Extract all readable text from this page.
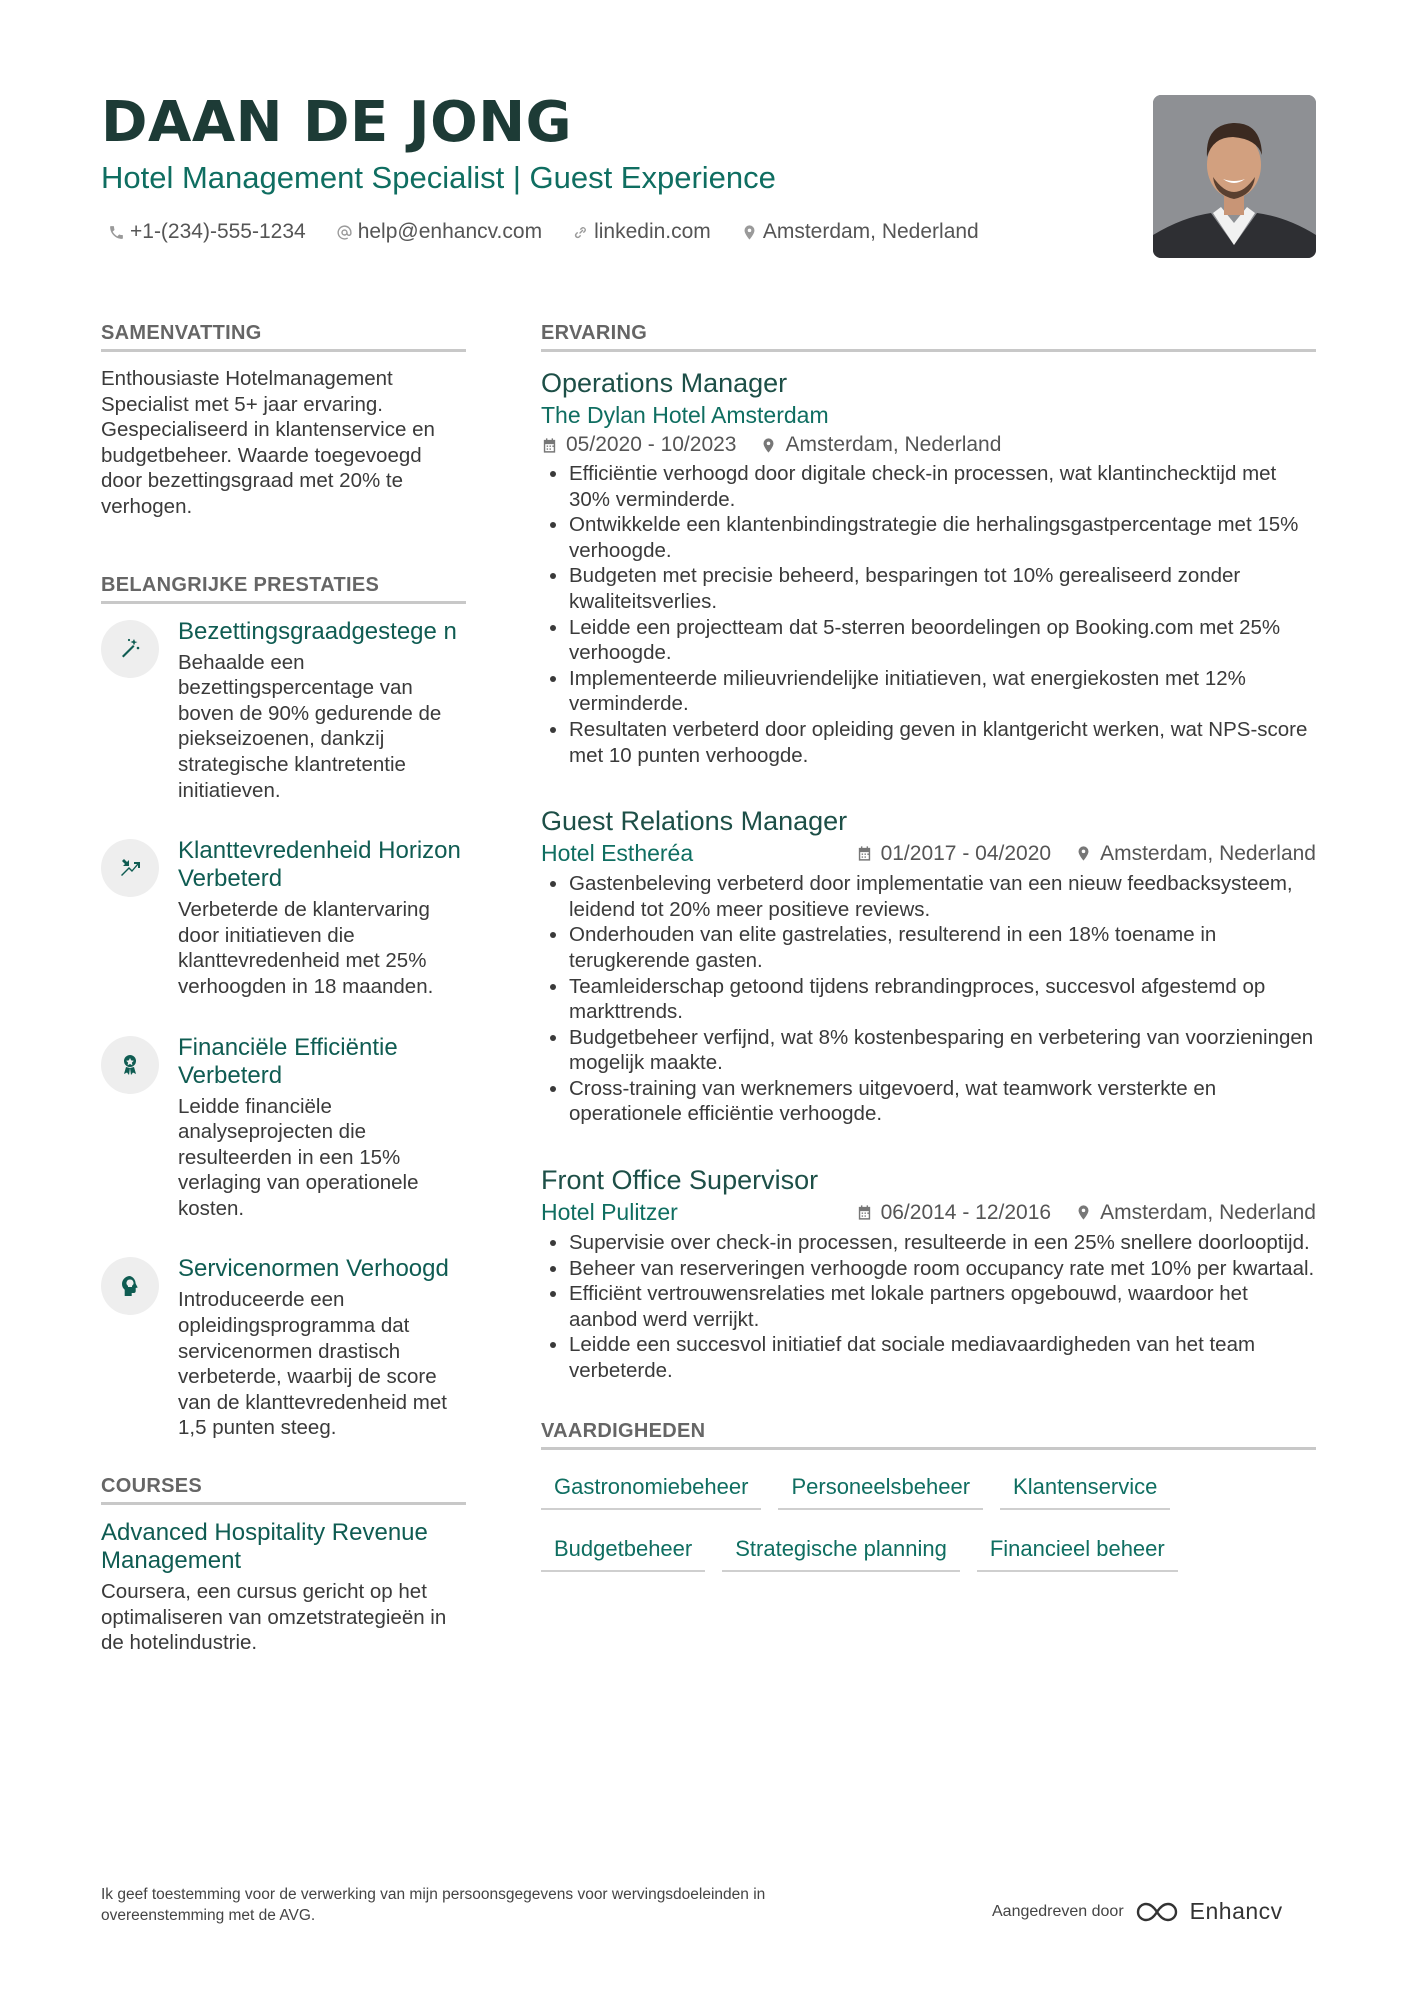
DAAN DE JONG
Hotel Management Specialist | Guest Experience
+1-(234)-555-1234 help@enhancv.com linkedin.com Amsterdam, Nederland
SAMENVATTING

Enthousiaste Hotelmanagement Specialist met 5+ jaar ervaring. Gespecialiseerd in klantenservice en budgetbeheer. Waarde toegevoegd door bezettingsgraad met 20% te verhogen.

BELANGRIJKE PRESTATIES
Bezettingsgraadgestege n

Behaalde een bezettingspercentage van boven de 90% gedurende de piekseizoenen, dankzij strategische klantretentie initiatieven.

Klanttevredenheid Horizon Verbeterd

Verbeterde de klantervaring door initiatieven die klanttevredenheid met 25% verhoogden in 18 maanden.

Financiële Efficiëntie Verbeterd

Leidde financiële analyseprojecten die resulteerden in een 15% verlaging van operationele kosten.

Servicenormen Verhoogd

Introduceerde een opleidingsprogramma dat servicenormen drastisch verbeterde, waarbij de score van de klanttevredenheid met 1,5 punten steeg.

COURSES
Advanced Hospitality Revenue Management

Coursera, een cursus gericht op het optimaliseren van omzetstrategieën in de hotelindustrie.

ERVARING
Operations Manager
The Dylan Hotel Amsterdam
05/2020 - 10/2023 Amsterdam, Nederland
• Efficiëntie verhoogd door digitale check-in processen, wat klantinchecktijd met 30% verminderde.
• Ontwikkelde een klantenbindingstrategie die herhalingsgastpercentage met 15% verhoogde.
• Budgeten met precisie beheerd, besparingen tot 10% gerealiseerd zonder kwaliteitsverlies.
• Leidde een projectteam dat 5-sterren beoordelingen op Booking.com met 25% verhoogde.
• Implementeerde milieuvriendelijke initiatieven, wat energiekosten met 12% verminderde.
• Resultaten verbeterd door opleiding geven in klantgericht werken, wat NPS-score met 10 punten verhoogde.
Guest Relations Manager
Hotel Estheréa	01/2017 - 04/2020 Amsterdam, Nederland
• Gastenbeleving verbeterd door implementatie van een nieuw feedbacksysteem, leidend tot 20% meer positieve reviews.
• Onderhouden van elite gastrelaties, resulterend in een 18% toename in terugkerende gasten.
• Teamleiderschap getoond tijdens rebrandingproces, succesvol afgestemd op markttrends.
• Budgetbeheer verfijnd, wat 8% kostenbesparing en verbetering van voorzieningen mogelijk maakte.
• Cross-training van werknemers uitgevoerd, wat teamwork versterkte en operationele efficiëntie verhoogde.
Front Office Supervisor
Hotel Pulitzer	06/2014 - 12/2016 Amsterdam, Nederland
• Supervisie over check-in processen, resulteerde in een 25% snellere doorlooptijd.
• Beheer van reserveringen verhoogde room occupancy rate met 10% per kwartaal.
• Efficiënt vertrouwensrelaties met lokale partners opgebouwd, waardoor het aanbod werd verrijkt.
• Leidde een succesvol initiatief dat sociale mediavaardigheden van het team verbeterde.
VAARDIGHEDEN
Gastronomiebeheer	Personeelsbeheer	Klantenservice
Budgetbeheer	Strategische planning	Financieel beheer
Ik geef toestemming voor de verwerking van mijn persoonsgegevens voor wervingsdoeleinden in overeenstemming met de AVG.	Aangedreven door	Enhancv
